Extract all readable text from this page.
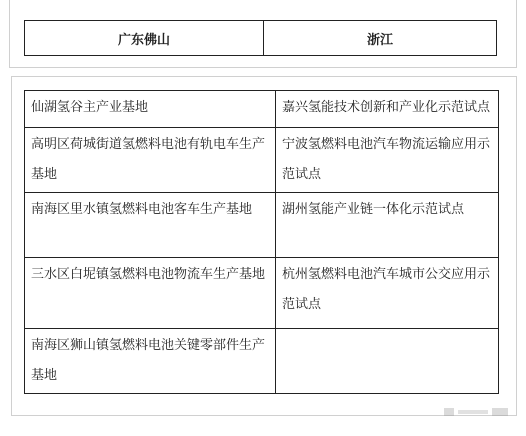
广东佛山	浙江
仙湖氢谷主产业基地	嘉兴氢能技术创新和产业化示范试点
高明区荷城街道氢燃料电池有轨电车生产基地	宁波氢燃料电池汽车物流运输应用示范试点
南海区里水镇氢燃料电池客车生产基地	湖州氢能产业链一体化示范试点
三水区白坭镇氢燃料电池物流车生产基地	杭州氢燃料电池汽车城市公交应用示范试点
南海区狮山镇氢燃料电池关键零部件生产基地	
